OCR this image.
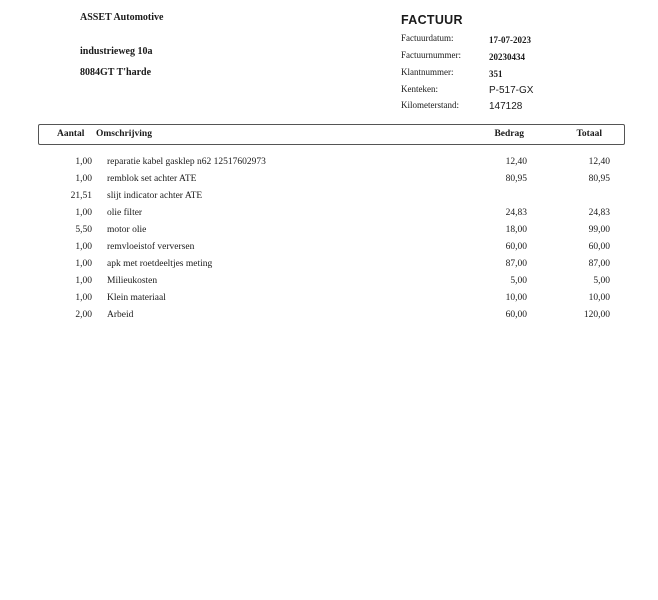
ASSET Automotive
industrieweg 10a
8084GT T'harde
FACTUUR
Factuurdatum:	17-07-2023
Factuurnummer:	20230434
Klantnummer:	351
Kenteken:	P-517-GX
Kilometerstand:	147128
Aantal Omschrijving	Bedrag	Totaal
1,00 reparatie kabel gasklep n62 12517602973	12,40	12,40
1,00 remblok set achter ATE	80,95	80,95
21,51 slijt indicator achter ATE
1,00 olie filter	24,83	24,83
5,50 motor olie	18,00	99,00
1,00 remvloeistof verversen	60,00	60,00
1,00 apk met roetdeeltjes meting	87,00	87,00
1,00 Milieukosten	5,00	5,00
1,00 Klein materiaal	10,00	10,00
2,00 Arbeid	60,00	120,00
